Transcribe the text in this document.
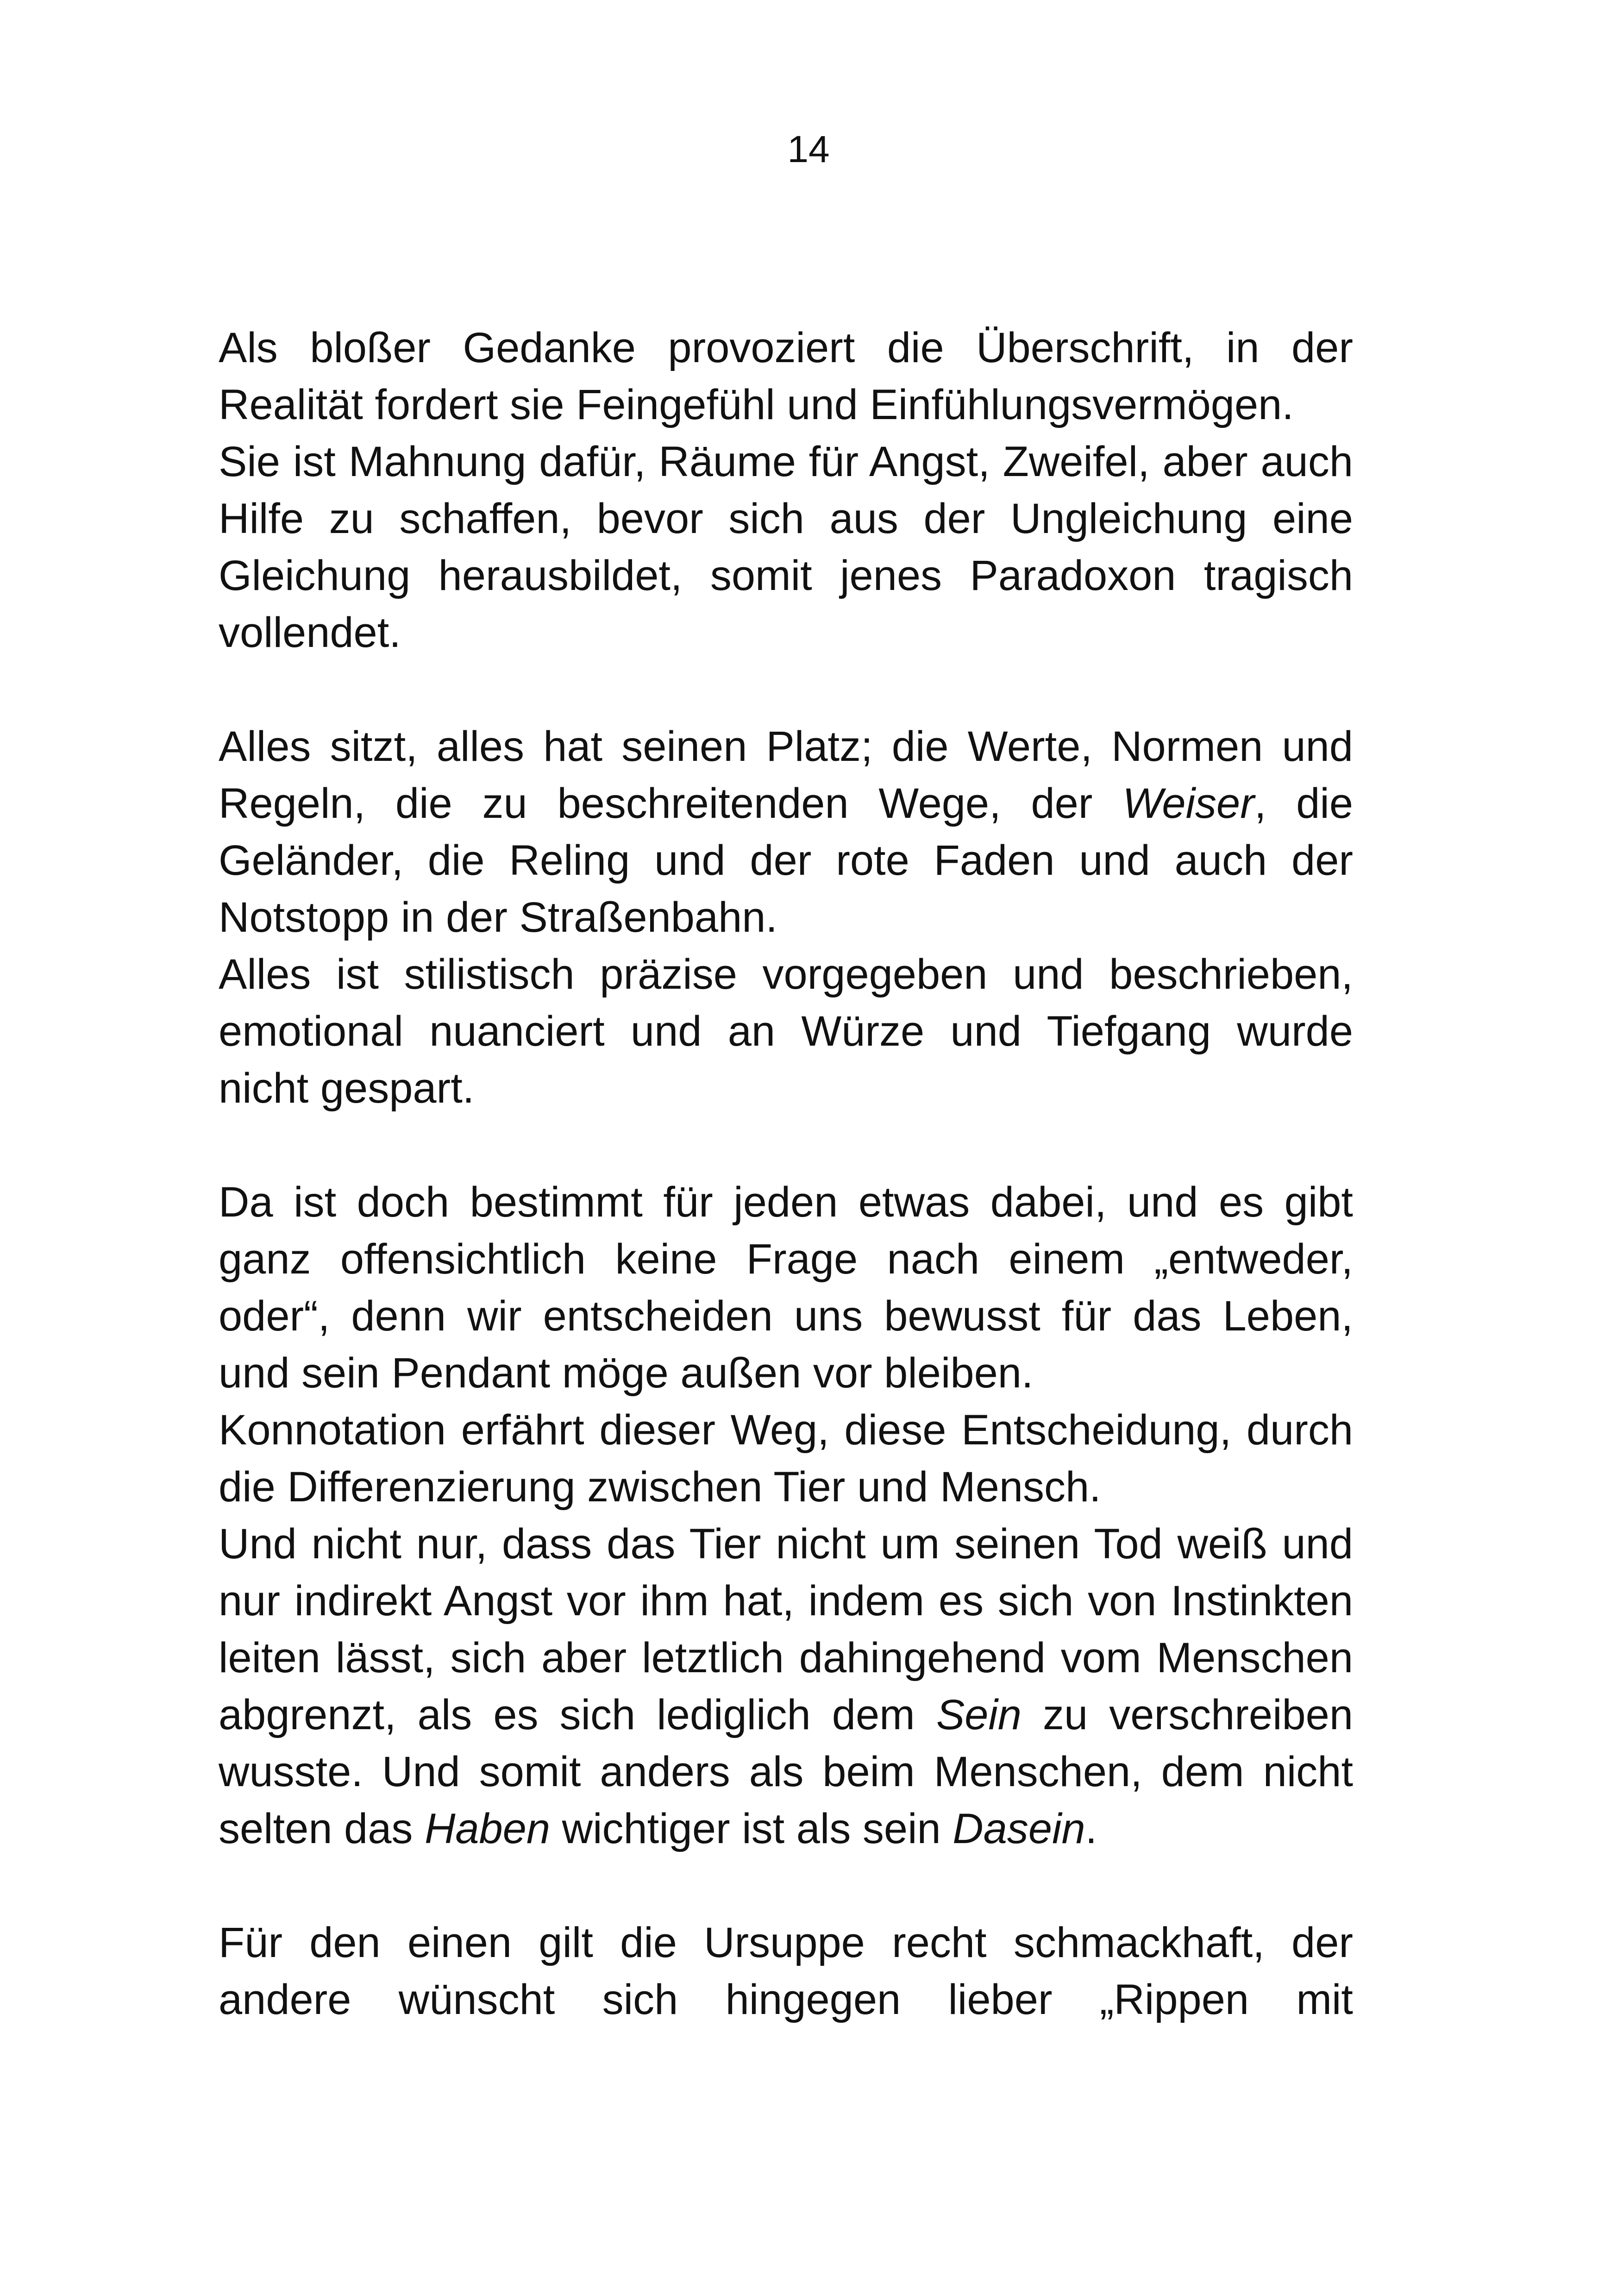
14
Als bloßer Gedanke provoziert die Überschrift, in der
Realität fordert sie Feingefühl und Einfühlungsvermögen.
Sie ist Mahnung dafür, Räume für Angst, Zweifel, aber auch
Hilfe zu schaffen, bevor sich aus der Ungleichung eine
Gleichung herausbildet, somit jenes Paradoxon tragisch
vollendet.
Alles sitzt, alles hat seinen Platz; die Werte, Normen und
Regeln, die zu beschreitenden Wege, der Weiser, die
Geländer, die Reling und der rote Faden und auch der
Notstopp in der Straßenbahn.
Alles ist stilistisch präzise vorgegeben und beschrieben,
emotional nuanciert und an Würze und Tiefgang wurde
nicht gespart.
Da ist doch bestimmt für jeden etwas dabei, und es gibt
ganz offensichtlich keine Frage nach einem „entweder,
oder“, denn wir entscheiden uns bewusst für das Leben,
und sein Pendant möge außen vor bleiben.
Konnotation erfährt dieser Weg, diese Entscheidung, durch
die Differenzierung zwischen Tier und Mensch.
Und nicht nur, dass das Tier nicht um seinen Tod weiß und
nur indirekt Angst vor ihm hat, indem es sich von Instinkten
leiten lässt, sich aber letztlich dahingehend vom Menschen
abgrenzt, als es sich lediglich dem Sein zu verschreiben
wusste. Und somit anders als beim Menschen, dem nicht
selten das Haben wichtiger ist als sein Dasein.
Für den einen gilt die Ursuppe recht schmackhaft, der
andere wünscht sich hingegen lieber „Rippen mit
